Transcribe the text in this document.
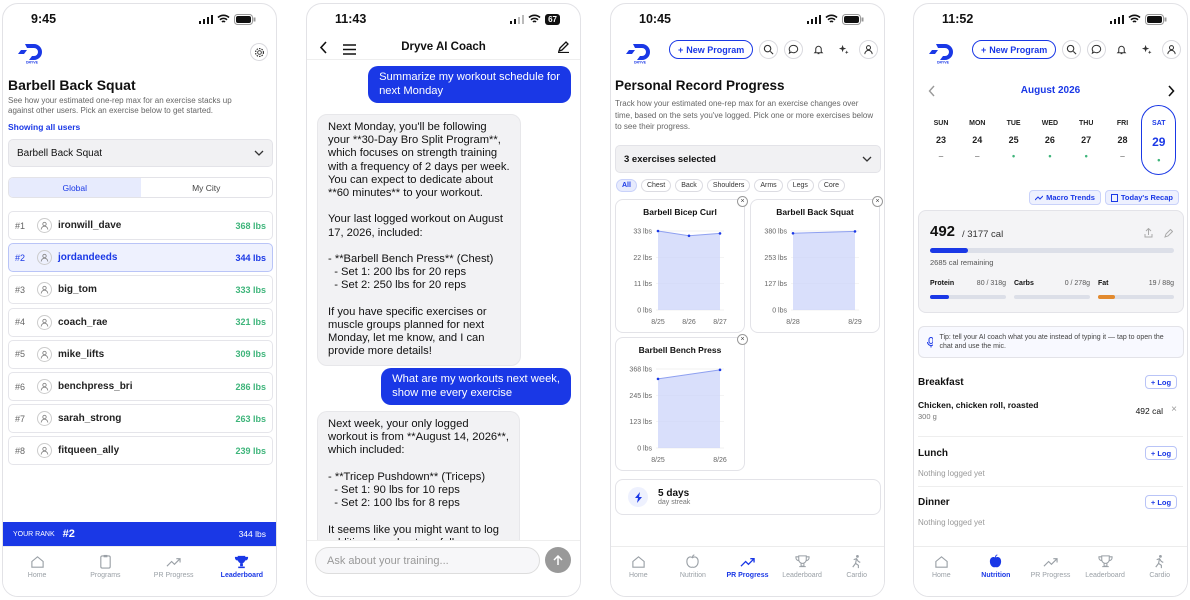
9:45
DRYVE
Barbell Back Squat
See how your estimated one-rep max for an exercise stacks up
against other users. Pick an exercise below to get started.
Showing all users
Barbell Back Squat
Global	My City
#1	ironwill_dave	368 lbs
#2	jordandeeds	344 lbs
#3	big_tom	333 lbs
#4	coach_rae	321 lbs
#5	mike_lifts	309 lbs
#6	benchpress_bri	286 lbs
#7	sarah_strong	263 lbs
#8	fitqueen_ally	239 lbs
YOUR RANK #2	344 lbs
Home	Programs	PR Progress	Leaderboard
11:43	67
Dryve AI Coach
Summarize my workout schedule for
next Monday
Next Monday, you'll be following
your **30-Day Bro Split Program**,
which focuses on strength training
with a frequency of 2 days per week.
You can expect to dedicate about
**60 minutes** to your workout.

Your last logged workout on August
17, 2026, included:

- **Barbell Bench Press** (Chest)
- Set 1: 200 lbs for 20 reps
- Set 2: 250 lbs for 20 reps

If you have specific exercises or
muscle groups planned for next
Monday, let me know, and I can
provide more details!
What are my workouts next week,
show me every exercise
Next week, your only logged
workout is from **August 14, 2026**,
which included:

- **Tricep Pushdown** (Triceps)
- Set 1: 90 lbs for 10 reps
- Set 2: 100 lbs for 8 reps

It seems like you might want to log

Ask about your training...
10:45
DRYVE
+ New Program
Personal Record Progress
Track how your estimated one-rep max for an exercise changes over time, based on the sets you've logged. Pick one or more exercises below to see their progress.
3 exercises selected
All	Chest	Back	Shoulders	Arms	Legs	Core
Barbell Bicep Curl
33 lbs
22 lbs
11 lbs
0 lbs
8/25 8/26 8/27
×
Barbell Back Squat
380 lbs
253 lbs
127 lbs
0 lbs
8/28	8/29
×
Barbell Bench Press
368 lbs
245 lbs
123 lbs
0 lbs
8/25	8/26
×
5 days
day streak
Home	Nutrition	PR Progress Leaderboard	Cardio
11:52
DRYVE
+ New Program
August 2026
SUN
23
–
MON
24
–
TUE
25
•
WED
26
•
THU
27
•
FRI
28
–
SAT
29
•
Macro Trends	Today's Recap
492 / 3177 cal
2685 cal remaining
Protein	80 / 318g Carbs	0 / 278g Fat	19 / 88g
Tip: tell your AI coach what you ate instead of typing it — tap to open the chat and use the mic.
Breakfast	+ Log
Chicken, chicken roll, roasted
300 g
492 cal ×
Lunch	+ Log
Nothing logged yet
Dinner	+ Log
Nothing logged yet
Home	Nutrition	PR Progress Leaderboard	Cardio
